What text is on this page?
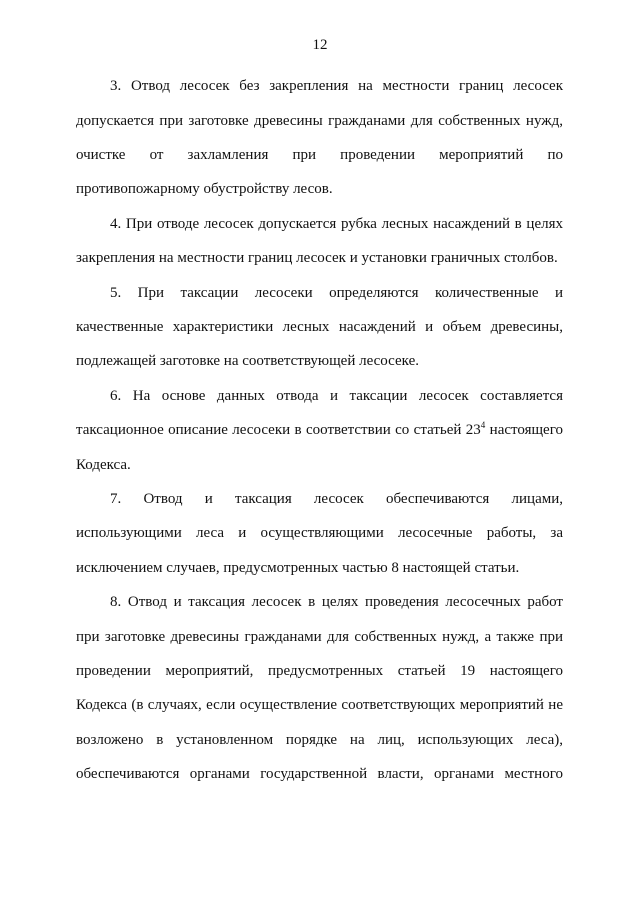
12
3. Отвод лесосек без закрепления на местности границ лесосек
допускается при заготовке древесины гражданами для собственных нужд,
очистке от захламления при проведении мероприятий по
противопожарному обустройству лесов.
4. При отводе лесосек допускается рубка лесных насаждений в целях
закрепления на местности границ лесосек и установки граничных столбов.
5. При таксации лесосеки определяются количественные и
качественные характеристики лесных насаждений и объем древесины,
подлежащей заготовке на соответствующей лесосеке.
6. На основе данных отвода и таксации лесосек составляется
таксационное описание лесосеки в соответствии со статьей $23^4$ настоящего
Кодекса.
7. Отвод и таксация лесосек обеспечиваются лицами,
использующими леса и осуществляющими лесосечные работы, за
исключением случаев, предусмотренных частью 8 настоящей статьи.
8. Отвод и таксация лесосек в целях проведения лесосечных работ
при заготовке древесины гражданами для собственных нужд, а также при
проведении мероприятий, предусмотренных статьей 19 настоящего
Кодекса (в случаях, если осуществление соответствующих мероприятий не
возложено в установленном порядке на лиц, использующих леса),
обеспечиваются органами государственной власти, органами местного
